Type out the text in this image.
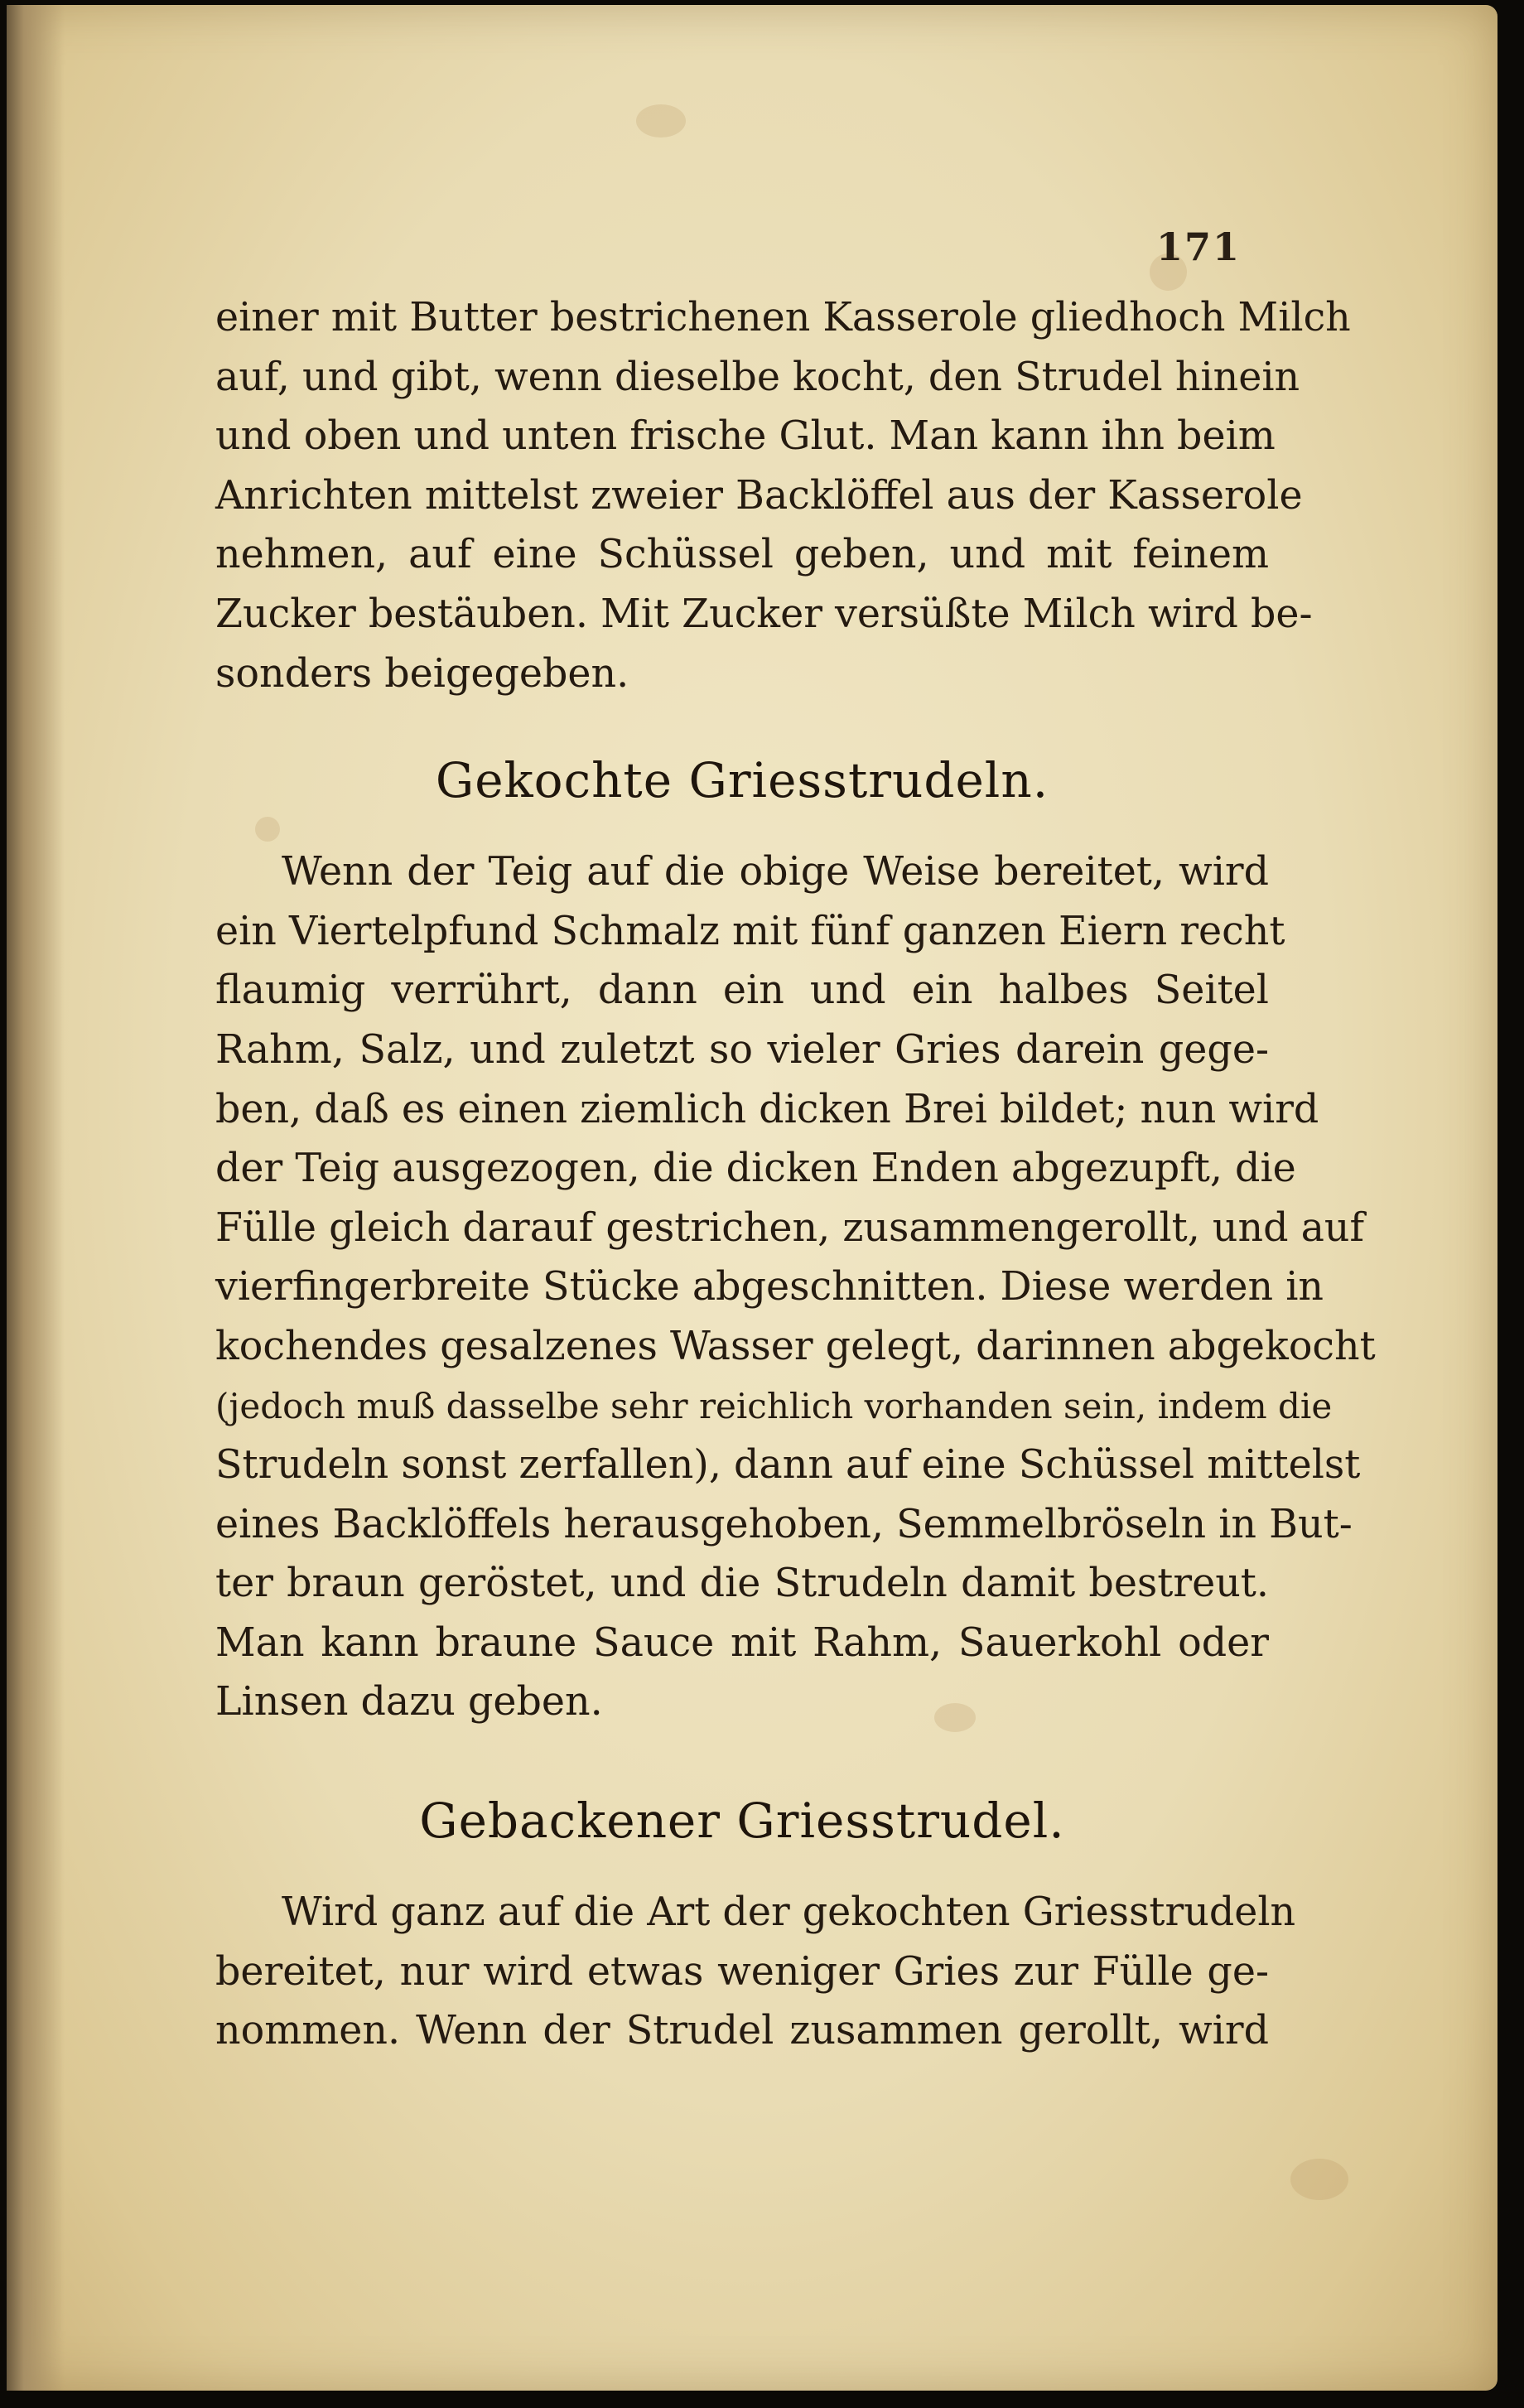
171
einer mit Butter bestrichenen Kasserole gliedhoch Milch
auf, und gibt, wenn dieselbe kocht, den Strudel hinein
und oben und unten frische Glut. Man kann ihn beim
Anrichten mittelst zweier Backlöffel aus der Kasserole
nehmen, auf eine Schüssel geben, und mit feinem
Zucker bestäuben. Mit Zucker versüßte Milch wird be-
sonders beigegeben.
Gekochte Griesstrudeln.
Wenn der Teig auf die obige Weise bereitet, wird
ein Viertelpfund Schmalz mit fünf ganzen Eiern recht
flaumig verrührt, dann ein und ein halbes Seitel
Rahm, Salz, und zuletzt so vieler Gries darein gege-
ben, daß es einen ziemlich dicken Brei bildet; nun wird
der Teig ausgezogen, die dicken Enden abgezupft, die
Fülle gleich darauf gestrichen, zusammengerollt, und auf
vierfingerbreite Stücke abgeschnitten. Diese werden in
kochendes gesalzenes Wasser gelegt, darinnen abgekocht
(jedoch muß dasselbe sehr reichlich vorhanden sein, indem die
Strudeln sonst zerfallen), dann auf eine Schüssel mittelst
eines Backlöffels herausgehoben, Semmelbröseln in But-
ter braun geröstet, und die Strudeln damit bestreut.
Man kann braune Sauce mit Rahm, Sauerkohl oder
Linsen dazu geben.
Gebackener Griesstrudel.
Wird ganz auf die Art der gekochten Griesstrudeln
bereitet, nur wird etwas weniger Gries zur Fülle ge-
nommen. Wenn der Strudel zusammen gerollt, wird
